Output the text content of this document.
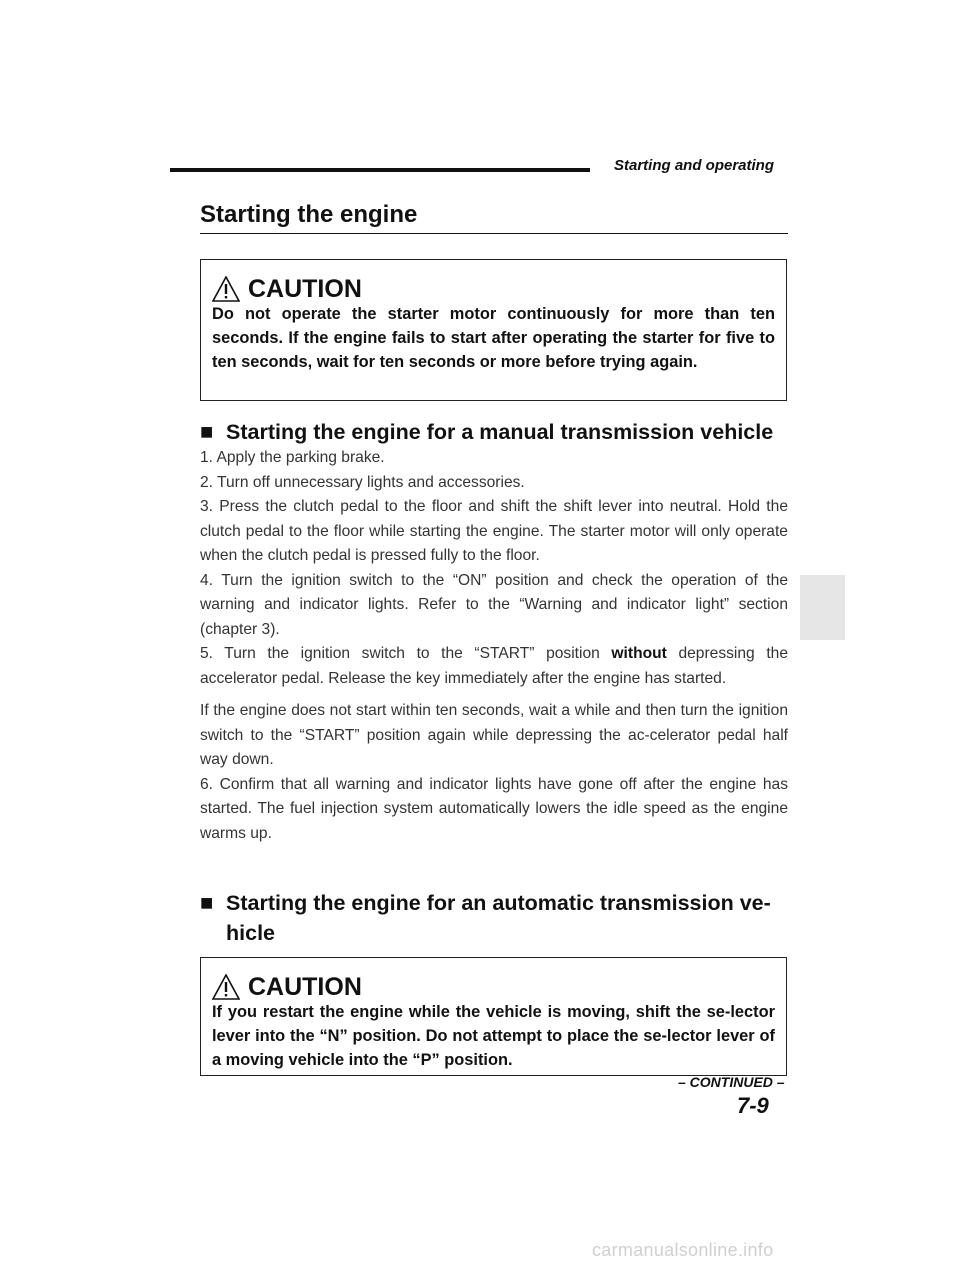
Starting and operating
Starting the engine
CAUTION
Do not operate the starter motor continuously for more than ten seconds. If the engine fails to start after operating the starter for five to ten seconds, wait for ten seconds or more before trying again.
■ Starting the engine for a manual transmission vehicle

1. Apply the parking brake.

2. Turn off unnecessary lights and accessories.

3. Press the clutch pedal to the floor and shift the shift lever into neutral. Hold the clutch pedal to the floor while starting the engine. The starter motor will only operate when the clutch pedal is pressed fully to the floor.

4. Turn the ignition switch to the “ON” position and check the operation of the warning and indicator lights. Refer to the “Warning and indicator light” section (chapter 3).

5. Turn the ignition switch to the “START” position without depressing the accelerator pedal. Release the key immediately after the engine has started.

If the engine does not start within ten seconds, wait a while and then turn the ignition switch to the “START” position again while depressing the ac-celerator pedal half way down.

6. Confirm that all warning and indicator lights have gone off after the engine has started. The fuel injection system automatically lowers the idle speed as the engine warms up.

■ Starting the engine for an automatic transmission ve-hicle
CAUTION
If you restart the engine while the vehicle is moving, shift the se-lector lever into the “N” position. Do not attempt to place the se-lector lever of a moving vehicle into the “P” position.
– CONTINUED –
7-9
carmanualsonline.info
